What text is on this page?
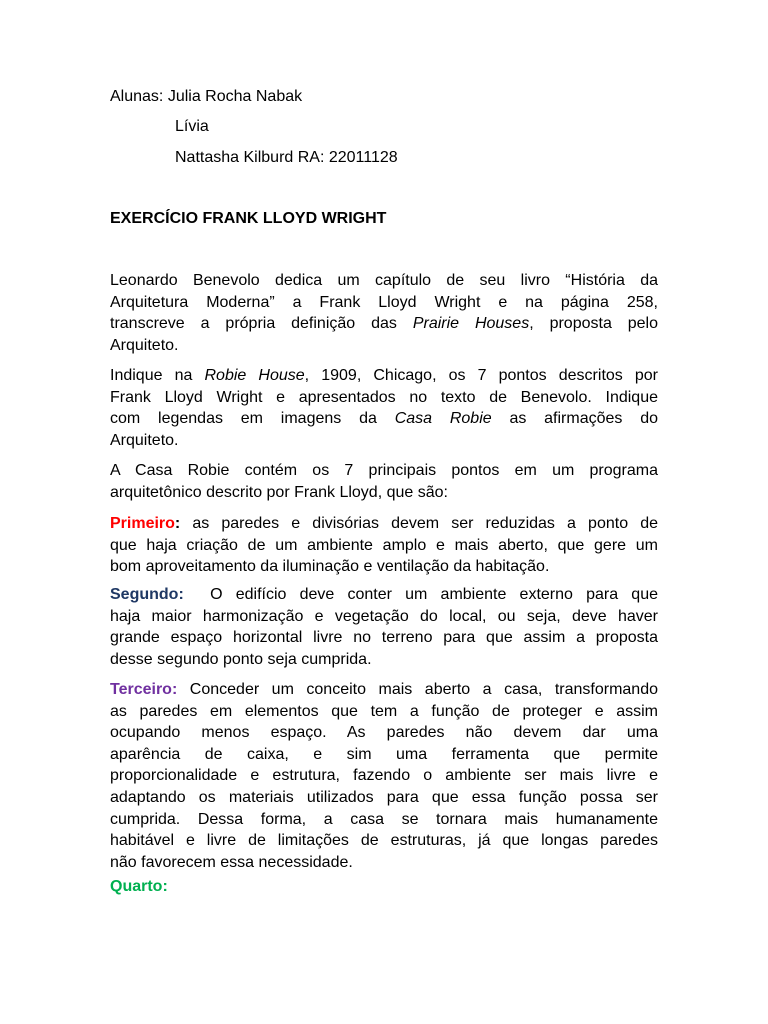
Alunas: Julia Rocha Nabak
Lívia
Nattasha Kilburd RA: 22011128
EXERCÍCIO FRANK LLOYD WRIGHT
Leonardo Benevolo dedica um capítulo de seu livro “História da
Arquitetura Moderna” a Frank Lloyd Wright e na página 258,
transcreve a própria definição das Prairie Houses, proposta pelo
Arquiteto.
Indique na Robie House, 1909, Chicago, os 7 pontos descritos por
Frank Lloyd Wright e apresentados no texto de Benevolo. Indique
com legendas em imagens da Casa Robie as afirmações do
Arquiteto.
A Casa Robie contém os 7 principais pontos em um programa
arquitetônico descrito por Frank Lloyd, que são:
Primeiro: as paredes e divisórias devem ser reduzidas a ponto de
que haja criação de um ambiente amplo e mais aberto, que gere um
bom aproveitamento da iluminação e ventilação da habitação.
Segundo:  O edifício deve conter um ambiente externo para que
haja maior harmonização e vegetação do local, ou seja, deve haver
grande espaço horizontal livre no terreno para que assim a proposta
desse segundo ponto seja cumprida.
Terceiro: Conceder um conceito mais aberto a casa, transformando
as paredes em elementos que tem a função de proteger e assim
ocupando menos espaço. As paredes não devem dar uma
aparência de caixa, e sim uma ferramenta que permite
proporcionalidade e estrutura, fazendo o ambiente ser mais livre e
adaptando os materiais utilizados para que essa função possa ser
cumprida. Dessa forma, a casa se tornara mais humanamente
habitável e livre de limitações de estruturas, já que longas paredes
não favorecem essa necessidade.
Quarto:
